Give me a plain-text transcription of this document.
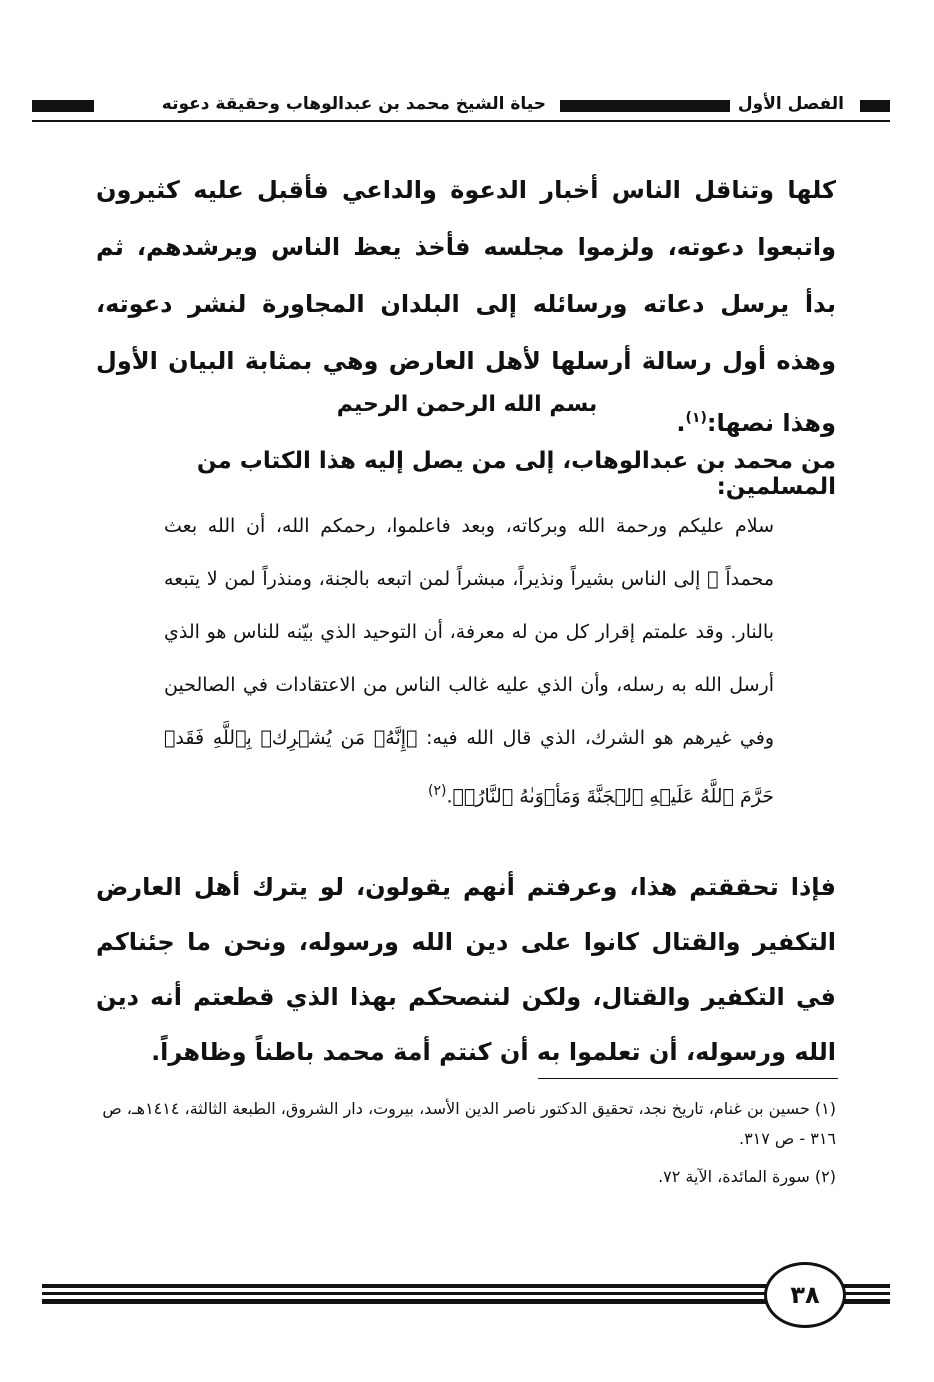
الفصل الأول
حياة الشيخ محمد بن عبدالوهاب وحقيقة دعوته
كلها وتناقل الناس أخبار الدعوة والداعي فأقبل عليه كثيرون واتبعوا دعوته، ولزموا مجلسه فأخذ يعظ الناس ويرشدهم، ثم بدأ يرسل دعاته ورسائله إلى البلدان المجاورة لنشر دعوته، وهذه أول رسالة أرسلها لأهل العارض وهي بمثابة البيان الأول وهذا نصها:$^{(١)}$.
بسم الله الرحمن الرحيم
من محمد بن عبدالوهاب، إلى من يصل إليه هذا الكتاب من المسلمين:
سلام عليكم ورحمة الله وبركاته، وبعد فاعلموا، رحمكم الله، أن الله بعث محمداً ﷺ إلى الناس بشيراً ونذيراً، مبشراً لمن اتبعه بالجنة، ومنذراً لمن لا يتبعه بالنار. وقد علمتم إقرار كل من له معرفة، أن التوحيد الذي بيّنه للناس هو الذي أرسل الله به رسله، وأن الذي عليه غالب الناس من الاعتقادات في الصالحين وفي غيرهم هو الشرك، الذي قال الله فيه: ﴿إِنَّهُۥ مَن يُشۡرِكۡ بِٱللَّهِ فَقَدۡ حَرَّمَ ٱللَّهُ عَلَيۡهِ ٱلۡجَنَّةَ وَمَأۡوَىٰهُ ٱلنَّارُۖ﴾.$^{(٢)}$
فإذا تحققتم هذا، وعرفتم أنهم يقولون، لو يترك أهل العارض التكفير والقتال كانوا على دين الله ورسوله، ونحن ما جئناكم في التكفير والقتال، ولكن لننصحكم بهذا الذي قطعتم أنه دين الله ورسوله، أن تعلموا به أن كنتم أمة محمد باطناً وظاهراً.
(١) حسين بن غنام، تاريخ نجد، تحقيق الدكتور ناصر الدين الأسد، بيروت، دار الشروق، الطبعة الثالثة، ١٤١٤هـ، ص ٣١٦ - ص ٣١٧.
(٢) سورة المائدة، الآية ٧٢.
٣٨
